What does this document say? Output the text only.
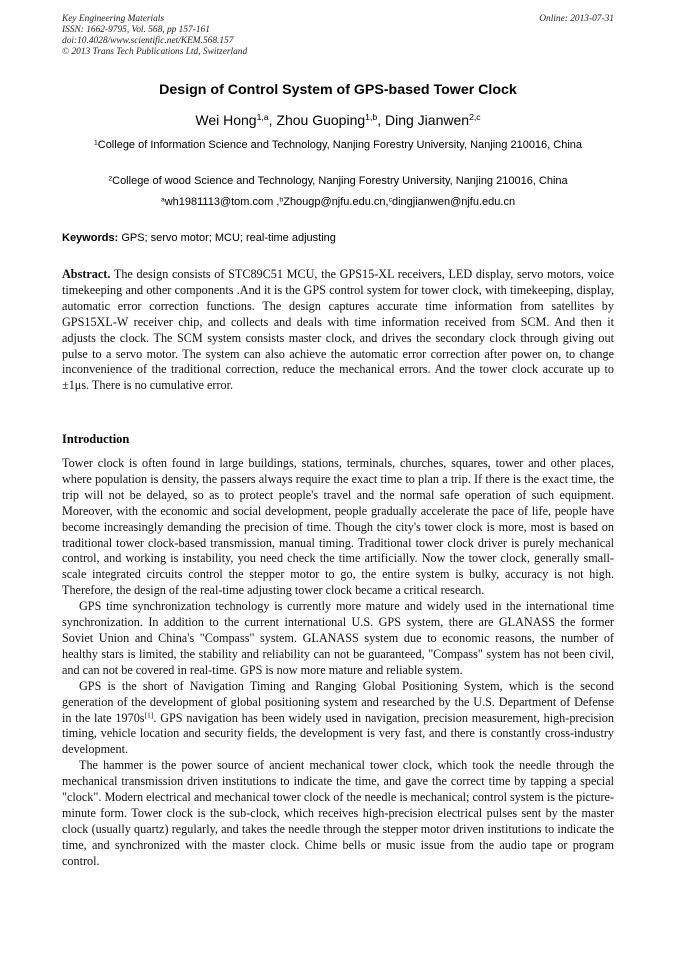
Key Engineering Materials
ISSN: 1662-9795, Vol. 568, pp 157-161
doi:10.4028/www.scientific.net/KEM.568.157
© 2013 Trans Tech Publications Ltd, Switzerland
Online: 2013-07-31
Design of Control System of GPS-based Tower Clock
Wei Hong$^{1,a}$, Zhou Guoping$^{1,b}$, Ding Jianwen$^{2,c}$
$^1$College of Information Science and Technology, Nanjing Forestry University, Nanjing 210016, China
$^2$College of wood Science and Technology, Nanjing Forestry University, Nanjing 210016, China
$^a$wh1981113@tom.com ,$^b$Zhougp@njfu.edu.cn,$^c$dingjianwen@njfu.edu.cn
Keywords: GPS; servo motor; MCU; real-time adjusting
Abstract. The design consists of STC89C51 MCU, the GPS15-XL receivers, LED display, servo motors, voice timekeeping and other components .And it is the GPS control system for tower clock, with timekeeping, display, automatic error correction functions. The design captures accurate time information from satellites by GPS15XL-W receiver chip, and collects and deals with time information received from SCM. And then it adjusts the clock. The SCM system consists master clock, and drives the secondary clock through giving out pulse to a servo motor. The system can also achieve the automatic error correction after power on, to change inconvenience of the traditional correction, reduce the mechanical errors. And the tower clock accurate up to ±1μs. There is no cumulative error.
Introduction

Tower clock is often found in large buildings, stations, terminals, churches, squares, tower and other places, where population is density, the passers always require the exact time to plan a trip. If there is the exact time, the trip will not be delayed, so as to protect people's travel and the normal safe operation of such equipment. Moreover, with the economic and social development, people gradually accelerate the pace of life, people have become increasingly demanding the precision of time. Though the city's tower clock is more, most is based on traditional tower clock-based transmission, manual timing. Traditional tower clock driver is purely mechanical control, and working is instability, you need check the time artificially. Now the tower clock, generally small-scale integrated circuits control the stepper motor to go, the entire system is bulky, accuracy is not high. Therefore, the design of the real-time adjusting tower clock became a critical research.

GPS time synchronization technology is currently more mature and widely used in the international time synchronization. In addition to the current international U.S. GPS system, there are GLANASS the former Soviet Union and China's "Compass" system. GLANASS system due to economic reasons, the number of healthy stars is limited, the stability and reliability can not be guaranteed, "Compass" system has not been civil, and can not be covered in real-time. GPS is now more mature and reliable system.

GPS is the short of Navigation Timing and Ranging Global Positioning System, which is the second generation of the development of global positioning system and researched by the U.S. Department of Defense in the late 1970s[1]. GPS navigation has been widely used in navigation, precision measurement, high-precision timing, vehicle location and security fields, the development is very fast, and there is constantly cross-industry development.

The hammer is the power source of ancient mechanical tower clock, which took the needle through the mechanical transmission driven institutions to indicate the time, and gave the correct time by tapping a special "clock". Modern electrical and mechanical tower clock of the needle is mechanical; control system is the picture-minute form. Tower clock is the sub-clock, which receives high-precision electrical pulses sent by the master clock (usually quartz) regularly, and takes the needle through the stepper motor driven institutions to indicate the time, and synchronized with the master clock. Chime bells or music issue from the audio tape or program control.
